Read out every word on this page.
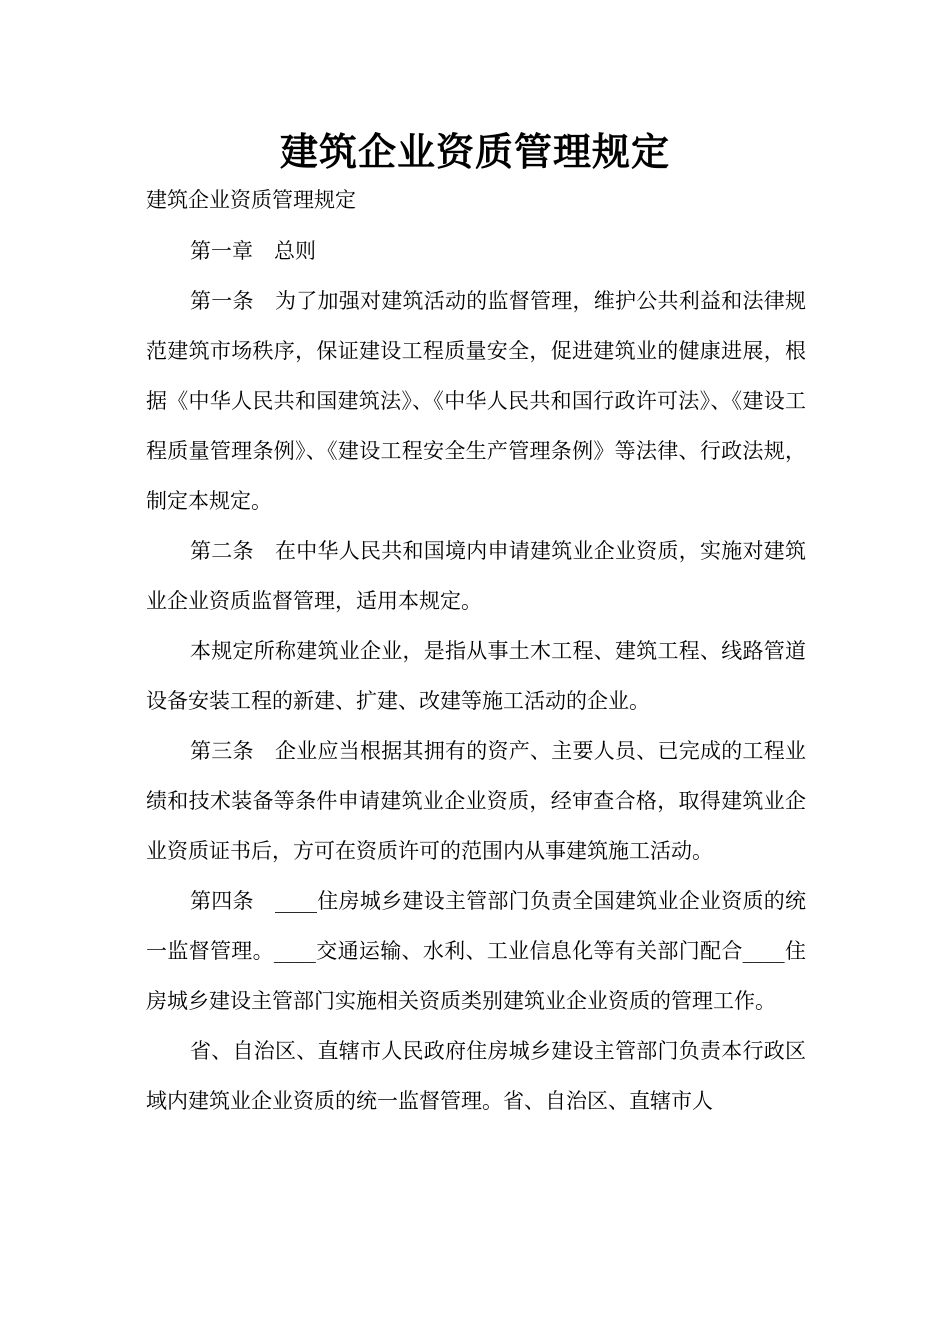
建筑企业资质管理规定

建筑企业资质管理规定

第一章　总则

第一条　为了加强对建筑活动的监督管理，维护公共利益和法律规范建筑市场秩序，保证建设工程质量安全，促进建筑业的健康进展，根据《中华人民共和国建筑法》、《中华人民共和国行政许可法》、《建设工程质量管理条例》、《建设工程安全生产管理条例》等法律、行政法规，制定本规定。

第二条　在中华人民共和国境内申请建筑业企业资质，实施对建筑业企业资质监督管理，适用本规定。

本规定所称建筑业企业，是指从事土木工程、建筑工程、线路管道设备安装工程的新建、扩建、改建等施工活动的企业。

第三条　企业应当根据其拥有的资产、主要人员、已完成的工程业绩和技术装备等条件申请建筑业企业资质，经审查合格，取得建筑业企业资质证书后，方可在资质许可的范围内从事建筑施工活动。

第四条　____住房城乡建设主管部门负责全国建筑业企业资质的统一监督管理。____交通运输、水利、工业信息化等有关部门配合____住房城乡建设主管部门实施相关资质类别建筑业企业资质的管理工作。

省、自治区、直辖市人民政府住房城乡建设主管部门负责本行政区域内建筑业企业资质的统一监督管理。省、自治区、直辖市人
